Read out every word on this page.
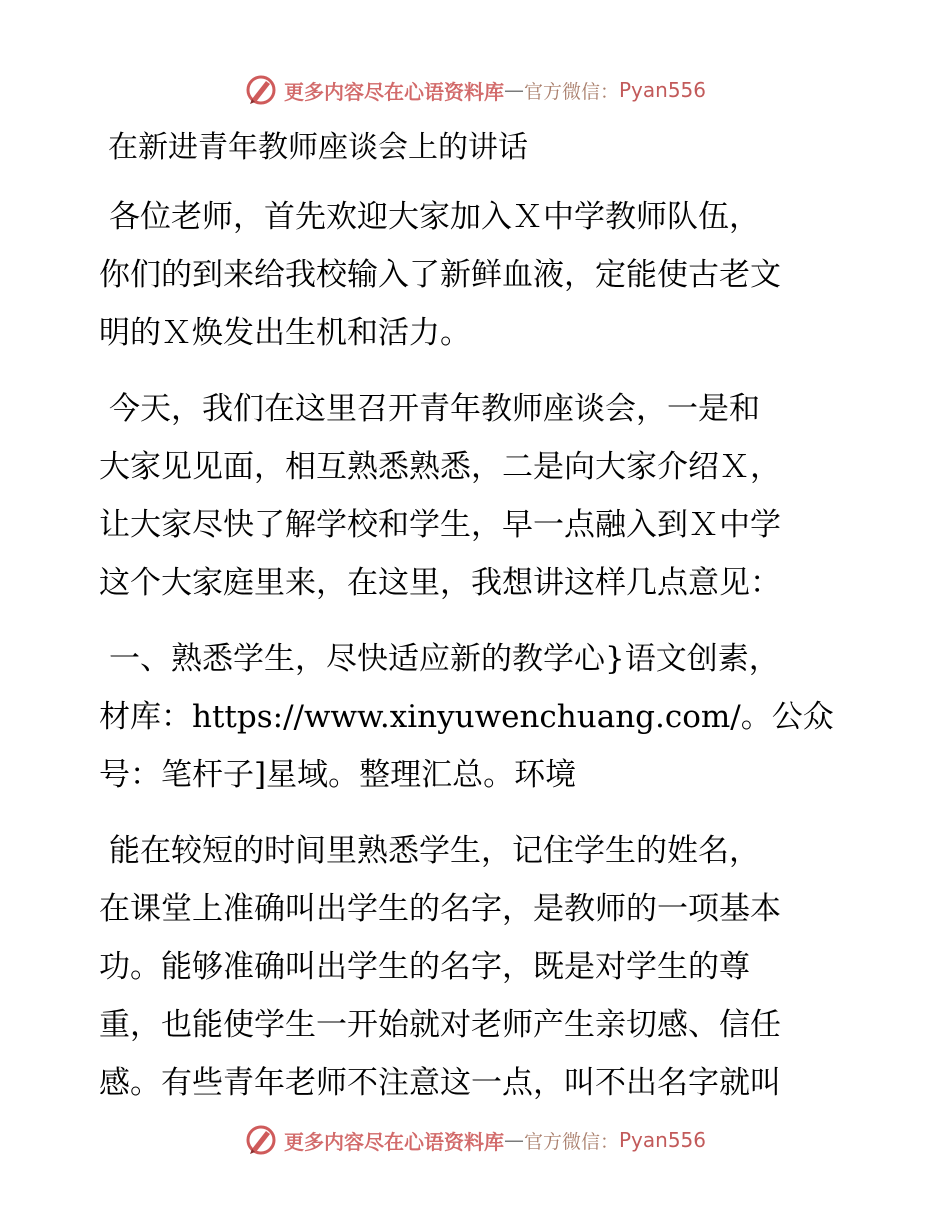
更多内容尽在心语资料库 — 官方微信： Pyan556
在新进青年教师座谈会上的讲话
各位老师，首先欢迎大家加入Ｘ中学教师队伍，
你们的到来给我校输入了新鲜血液，定能使古老文
明的Ｘ焕发出生机和活力。
今天，我们在这里召开青年教师座谈会，一是和
大家见见面，相互熟悉熟悉，二是向大家介绍Ｘ，
让大家尽快了解学校和学生，早一点融入到Ｘ中学
这个大家庭里来，在这里，我想讲这样几点意见：
一、熟悉学生，尽快适应新的教学心}语文创素，
材库：https://www.xinyuwenchuang.com/。公众
号：笔杆子]星域。整理汇总。环境
能在较短的时间里熟悉学生，记住学生的姓名，
在课堂上准确叫出学生的名字，是教师的一项基本
功。能够准确叫出学生的名字，既是对学生的尊
重，也能使学生一开始就对老师产生亲切感、信任
感。有些青年老师不注意这一点，叫不出名字就叫
更多内容尽在心语资料库 — 官方微信： Pyan556
